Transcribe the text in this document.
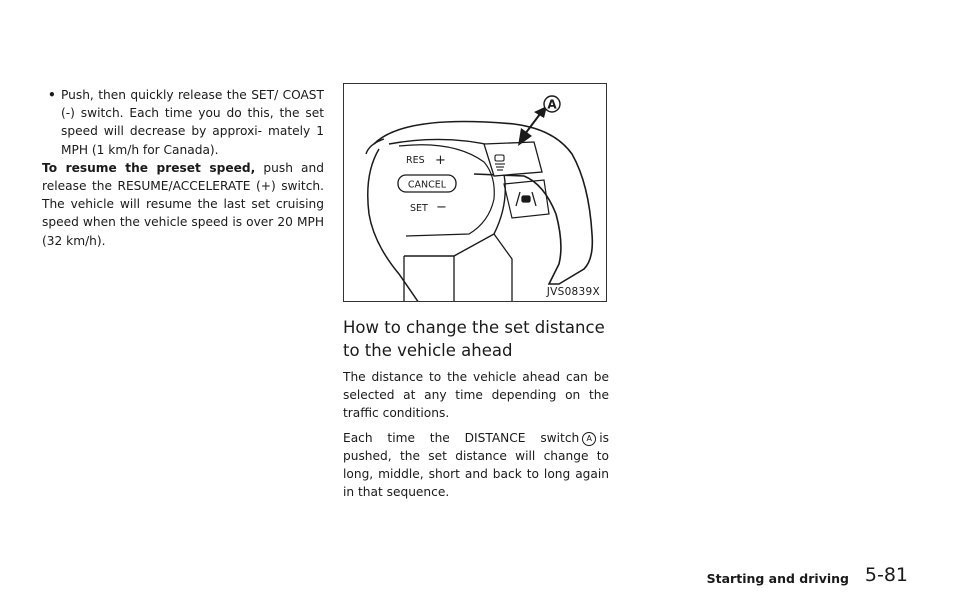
• Push, then quickly release the SET/ COAST (-) switch. Each time you do this, the set speed will decrease by approxi- mately 1 MPH (1 km/h for Canada).

To resume the preset speed, push and release the RESUME/ACCELERATE (+) switch. The vehicle will resume the last set cruising speed when the vehicle speed is over 20 MPH (32 km/h).

CANCEL
RES +
SET −
A
JVS0839X
How to change the set distance to the vehicle ahead

The distance to the vehicle ahead can be selected at any time depending on the traffic conditions.

Each time the DISTANCE switch A is pushed, the set distance will change to long, middle, short and back to long again in that sequence.

Starting and driving 5-81
